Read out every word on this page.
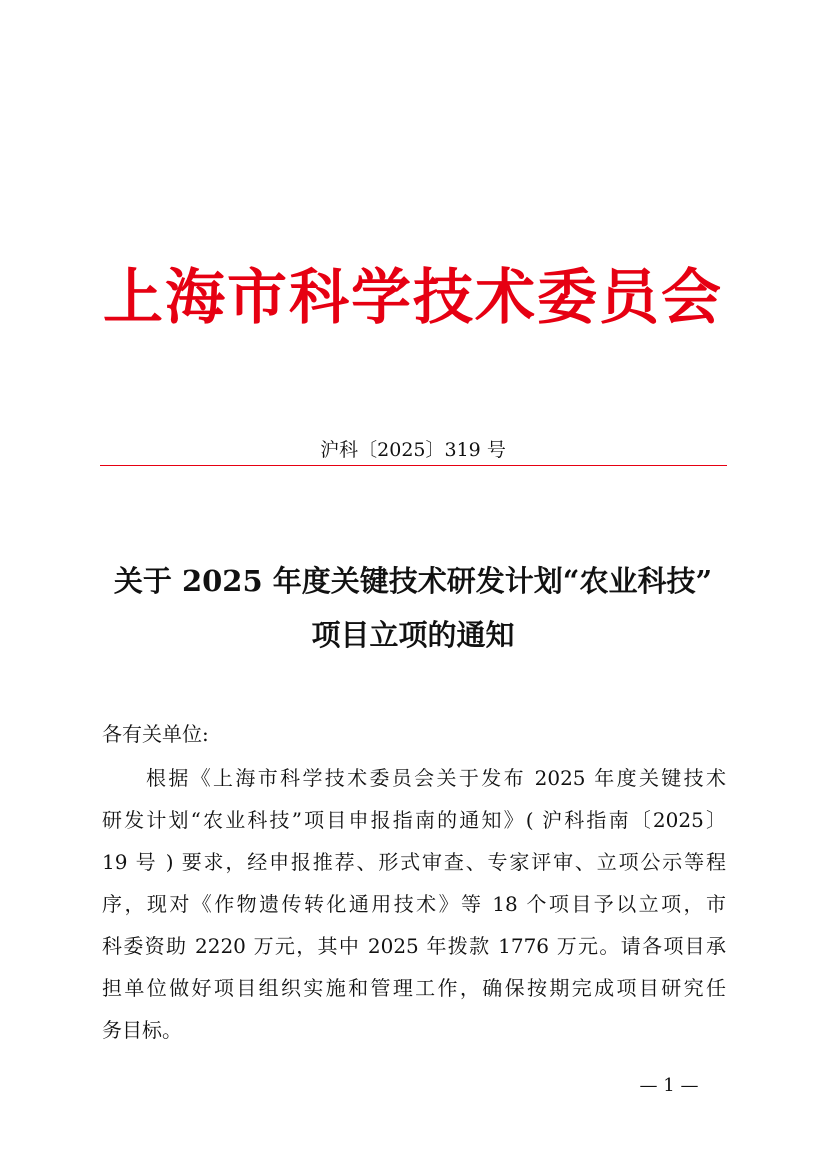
上海市科学技术委员会
沪科〔2025〕319 号
关于 2025 年度关键技术研发计划“农业科技”
项目立项的通知
各有关单位:
根据《上海市科学技术委员会关于发布 2025 年度关键技术
研发计划“农业科技”项目申报指南的通知》( 沪科指南〔2025〕
19 号 ) 要求，经申报推荐、形式审查、专家评审、立项公示等程
序，现对《作物遗传转化通用技术》等 18 个项目予以立项，市
科委资助 2220 万元，其中 2025 年拨款 1776 万元。请各项目承
担单位做好项目组织实施和管理工作，确保按期完成项目研究任
务目标。
— 1 —
